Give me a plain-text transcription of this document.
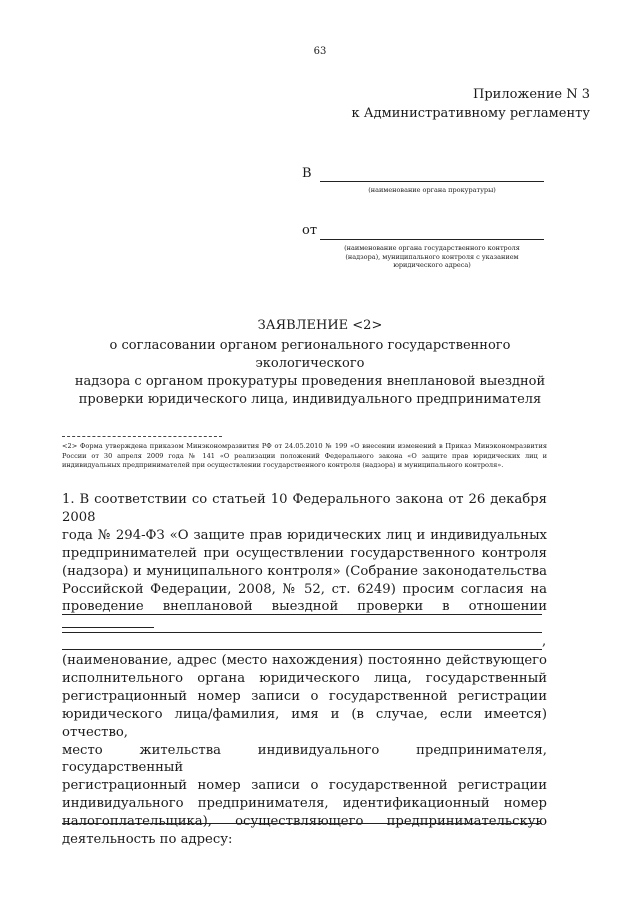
63
Приложение N 3
к Административному регламенту
В
(наименование органа прокуратуры)
от
(наименование органа государственного контроля
(надзора), муниципального контроля с указанием
юридического адреса)
ЗАЯВЛЕНИЕ <2>
о согласовании органом регионального государственного экологического
надзора с органом прокуратуры проведения внеплановой выездной
проверки юридического лица, индивидуального предпринимателя
<2> Форма утверждена приказом Минэкономразвития РФ от 24.05.2010 № 199 «О внесении изменений в Приказ Минэкономразвития России от 30 апреля 2009 года № 141 «О реализации положений Федерального закона «О защите прав юридических лиц и индивидуальных предпринимателей при осуществлении государственного контроля (надзора) и муниципального контроля».
1. В соответствии со статьей 10 Федерального закона от 26 декабря 2008
года № 294-ФЗ «О защите прав юридических лиц и индивидуальных
предпринимателей при осуществлении государственного контроля
(надзора) и муниципального контроля» (Собрание законодательства
Российской Федерации, 2008, № 52, ст. 6249) просим согласия на
проведение внеплановой выездной проверки в отношении
,
(наименование, адрес (место нахождения) постоянно действующего
исполнительного органа юридического лица, государственный
регистрационный номер записи о государственной регистрации
юридического лица/фамилия, имя и (в случае, если имеется) отчество,
место жительства индивидуального предпринимателя, государственный
регистрационный номер записи о государственной регистрации
индивидуального предпринимателя, идентификационный номер
налогоплательщика), осуществляющего предпринимательскую
деятельность по адресу:
